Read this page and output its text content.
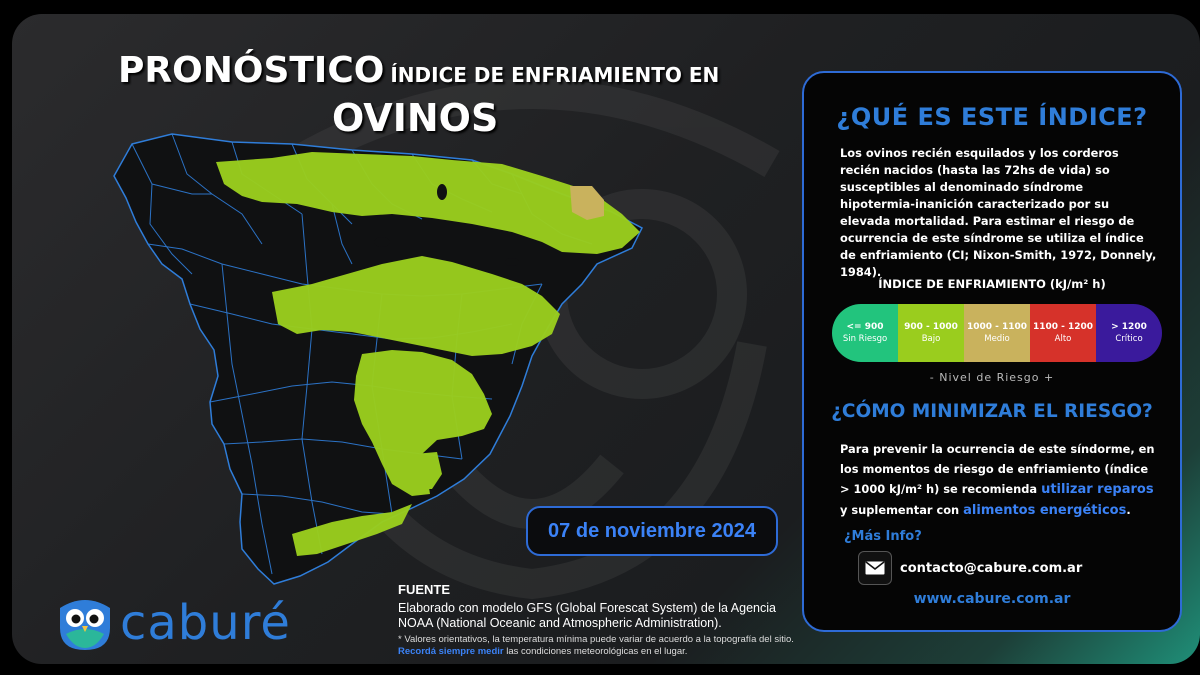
PRONÓSTICO ÍNDICE DE ENFRIAMIENTO EN
OVINOS
07 de noviembre 2024
caburé
FUENTE
Elaborado con modelo GFS (Global Forescat System) de la Agencia NOAA (National Oceanic and Atmospheric Administration).
* Valores orientativos, la temperatura mínima puede variar de acuerdo a la topografía del sitio.
Recordá siempre medir las condiciones meteorológicas en el lugar.
¿QUÉ ES ESTE ÍNDICE?
Los ovinos recién esquilados y los corderos recién nacidos (hasta las 72hs de vida) so susceptibles al denominado síndrome hipotermia-inanición caracterizado por su elevada mortalidad. Para estimar el riesgo de ocurrencia de este síndrome se utiliza el índice de enfriamiento (CI; Nixon-Smith, 1972, Donnely, 1984).
ÍNDICE DE ENFRIAMIENTO (kJ/m² h)
<= 900
Sin Riesgo
900 - 1000
Bajo
1000 - 1100
Medio
1100 - 1200
Alto
> 1200
Crítico
- Nivel de Riesgo +
¿CÓMO MINIMIZAR EL RIESGO?
Para prevenir la ocurrencia de este síndorme, en los momentos de riesgo de enfriamiento (índice > 1000 kJ/m² h) se recomienda utilizar reparos y suplementar con alimentos energéticos.
¿Más Info?
contacto@cabure.com.ar
www.cabure.com.ar
